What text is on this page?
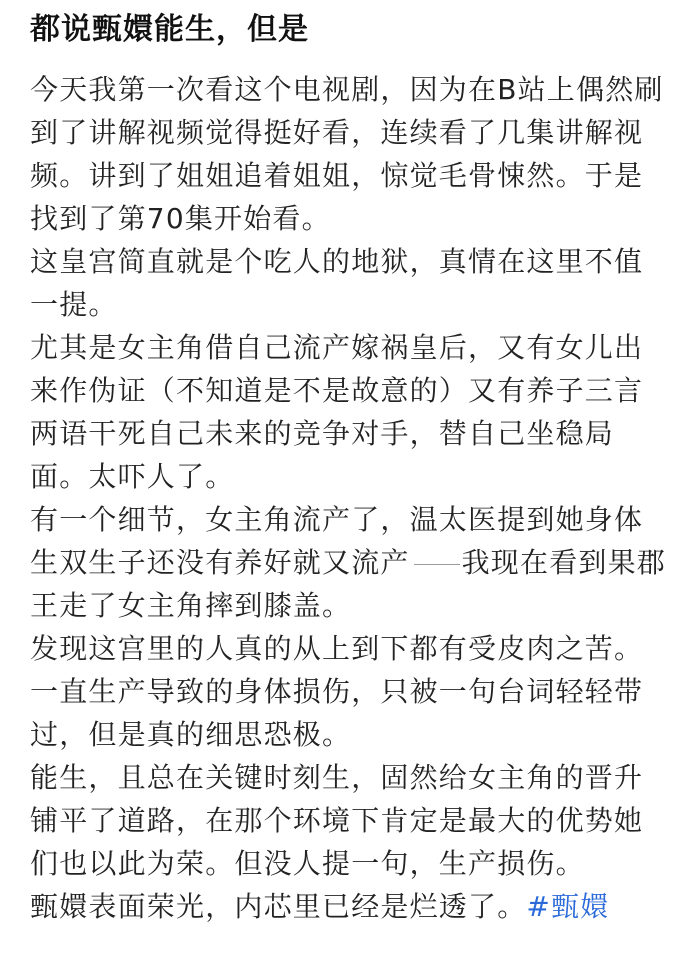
都说甄嬛能生，但是
今天我第一次看这个电视剧，因为在B站上偶然刷
到了讲解视频觉得挺好看，连续看了几集讲解视
频。讲到了姐姐追着姐姐，惊觉毛骨悚然。于是
找到了第70集开始看。
这皇宫简直就是个吃人的地狱，真情在这里不值
一提。
尤其是女主角借自己流产嫁祸皇后，又有女儿出
来作伪证（不知道是不是故意的）又有养子三言
两语干死自己未来的竞争对手，替自己坐稳局
面。太吓人了。
有一个细节，女主角流产了，温太医提到她身体
生双生子还没有养好就又流产 我现在看到果郡
王走了女主角摔到膝盖。
发现这宫里的人真的从上到下都有受皮肉之苦。
一直生产导致的身体损伤，只被一句台词轻轻带
过，但是真的细思恐极。
能生，且总在关键时刻生，固然给女主角的晋升
铺平了道路，在那个环境下肯定是最大的优势她
们也以此为荣。但没人提一句，生产损伤。
甄嬛表面荣光，内芯里已经是烂透了。#甄嬛
